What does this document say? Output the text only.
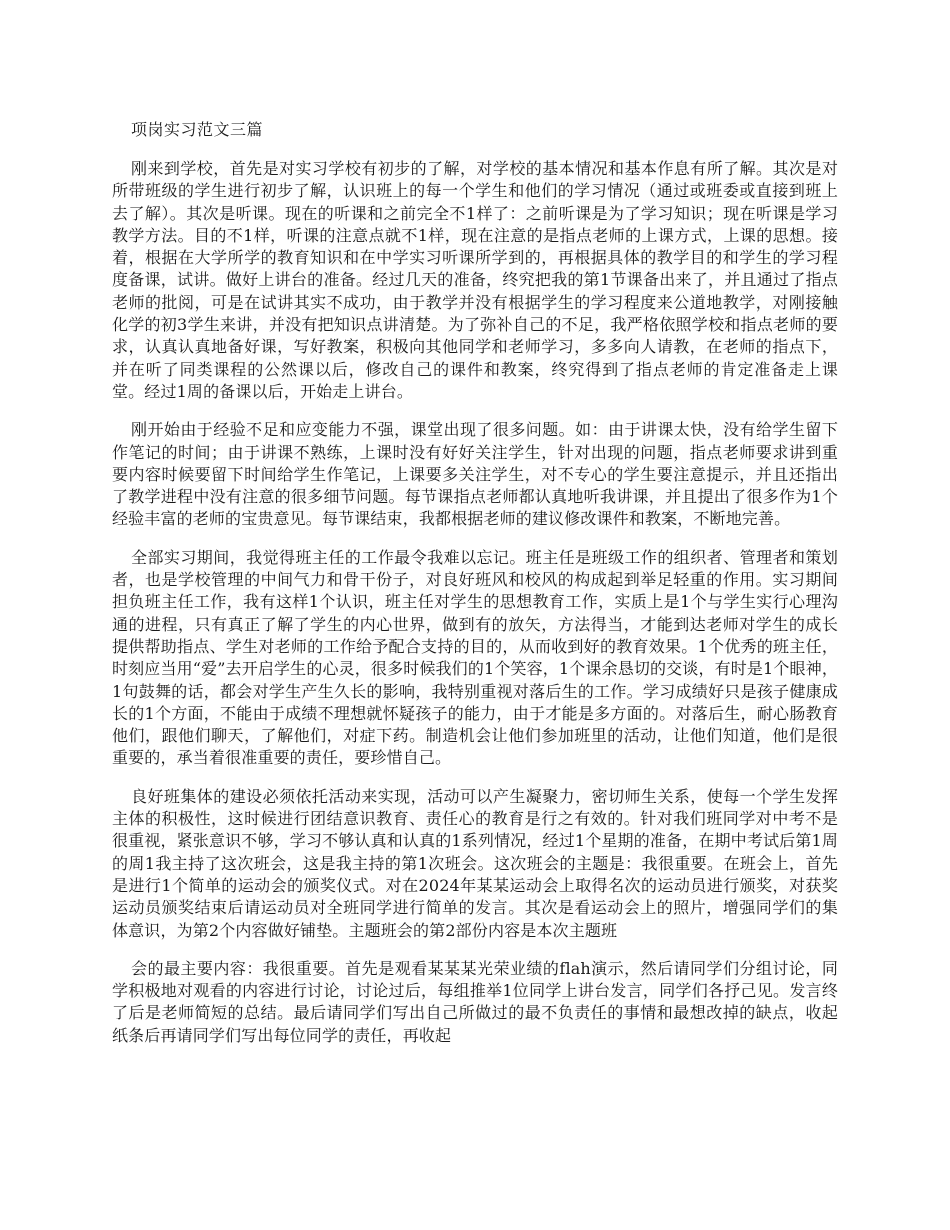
项岗实习范文三篇

刚来到学校，首先是对实习学校有初步的了解，对学校的基本情况和基本作息有所了解。其次是对所带班级的学生进行初步了解，认识班上的每一个学生和他们的学习情况（通过或班委或直接到班上去了解）。其次是听课。现在的听课和之前完全不1样了：之前听课是为了学习知识；现在听课是学习教学方法。目的不1样，听课的注意点就不1样，现在注意的是指点老师的上课方式，上课的思想。接着，根据在大学所学的教育知识和在中学实习听课所学到的，再根据具体的教学目的和学生的学习程度备课，试讲。做好上讲台的准备。经过几天的准备，终究把我的第1节课备出来了，并且通过了指点老师的批阅，可是在试讲其实不成功，由于教学并没有根据学生的学习程度来公道地教学，对刚接触化学的初3学生来讲，并没有把知识点讲清楚。为了弥补自己的不足，我严格依照学校和指点老师的要求，认真认真地备好课，写好教案，积极向其他同学和老师学习，多多向人请教，在老师的指点下，并在听了同类课程的公然课以后，修改自己的课件和教案，终究得到了指点老师的肯定准备走上课堂。经过1周的备课以后，开始走上讲台。

刚开始由于经验不足和应变能力不强，课堂出现了很多问题。如：由于讲课太快，没有给学生留下作笔记的时间；由于讲课不熟练，上课时没有好好关注学生，针对出现的问题，指点老师要求讲到重要内容时候要留下时间给学生作笔记，上课要多关注学生，对不专心的学生要注意提示，并且还指出了教学进程中没有注意的很多细节问题。每节课指点老师都认真地听我讲课，并且提出了很多作为1个经验丰富的老师的宝贵意见。每节课结束，我都根据老师的建议修改课件和教案，不断地完善。

全部实习期间，我觉得班主任的工作最令我难以忘记。班主任是班级工作的组织者、管理者和策划者，也是学校管理的中间气力和骨干份子，对良好班风和校风的构成起到举足轻重的作用。实习期间担负班主任工作，我有这样1个认识，班主任对学生的思想教育工作，实质上是1个与学生实行心理沟通的进程，只有真正了解了学生的内心世界，做到有的放矢，方法得当，才能到达老师对学生的成长提供帮助指点、学生对老师的工作给予配合支持的目的，从而收到好的教育效果。1个优秀的班主任，时刻应当用“爱”去开启学生的心灵，很多时候我们的1个笑容，1个课余恳切的交谈，有时是1个眼神，1句鼓舞的话，都会对学生产生久长的影响，我特别重视对落后生的工作。学习成绩好只是孩子健康成长的1个方面，不能由于成绩不理想就怀疑孩子的能力，由于才能是多方面的。对落后生，耐心肠教育他们，跟他们聊天，了解他们，对症下药。制造机会让他们参加班里的活动，让他们知道，他们是很重要的，承当着很准重要的责任，要珍惜自己。

良好班集体的建设必须依托活动来实现，活动可以产生凝聚力，密切师生关系，使每一个学生发挥主体的积极性，这时候进行团结意识教育、责任心的教育是行之有效的。针对我们班同学对中考不是很重视，紧张意识不够，学习不够认真和认真的1系列情况，经过1个星期的准备，在期中考试后第1周的周1我主持了这次班会，这是我主持的第1次班会。这次班会的主题是：我很重要。在班会上，首先是进行1个简单的运动会的颁奖仪式。对在2024年某某运动会上取得名次的运动员进行颁奖，对获奖运动员颁奖结束后请运动员对全班同学进行简单的发言。其次是看运动会上的照片，增强同学们的集体意识，为第2个内容做好铺垫。主题班会的第2部份内容是本次主题班

会的最主要内容：我很重要。首先是观看某某某光荣业绩的flah演示，然后请同学们分组讨论，同学积极地对观看的内容进行讨论，讨论过后，每组推举1位同学上讲台发言，同学们各抒己见。发言终了后是老师简短的总结。最后请同学们写出自己所做过的最不负责任的事情和最想改掉的缺点，收起纸条后再请同学们写出每位同学的责任，再收起
